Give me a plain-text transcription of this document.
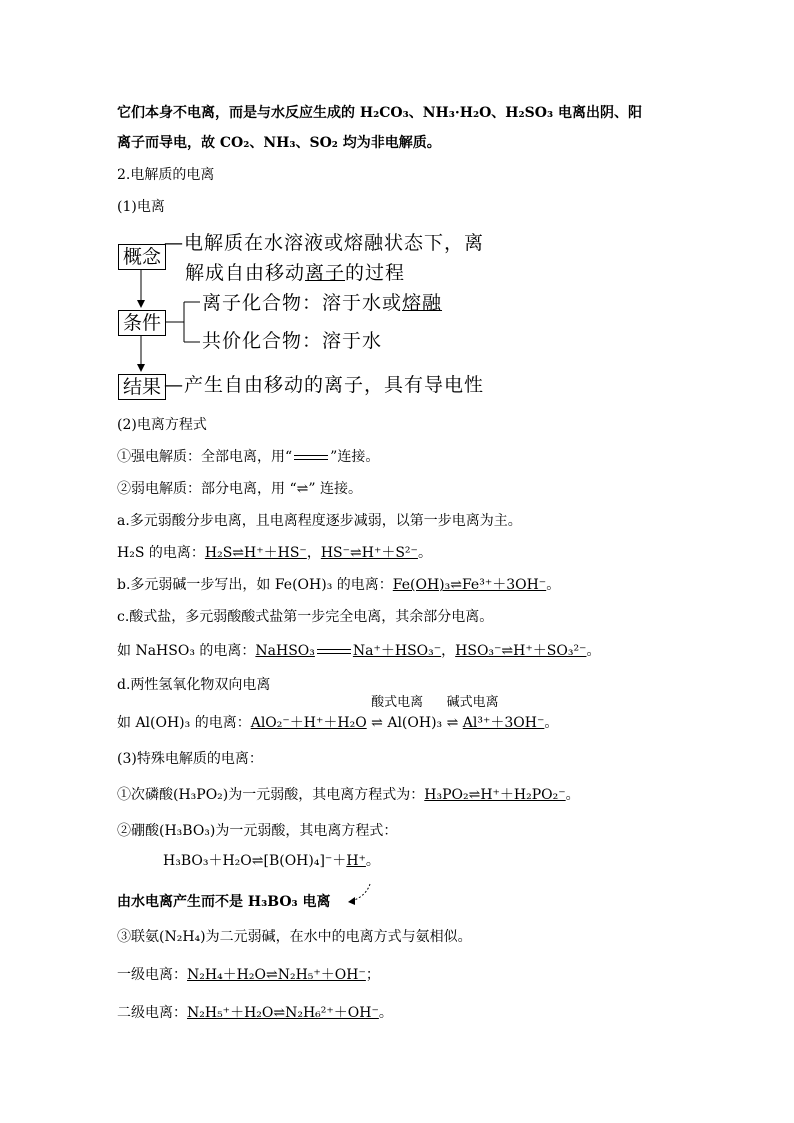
它们本身不电离，而是与水反应生成的 H₂CO₃、NH₃·H₂O、H₂SO₃ 电离出阴、阳
离子而导电，故 CO₂、NH₃、SO₂ 均为非电解质。
2.电解质的电离
(1)电离
概念
—电解质在水溶液或熔融状态下，离
解成自由移动离子的过程
条件
离子化合物：溶于水或熔融
共价化合物：溶于水
结果 —产生自由移动的离子，具有导电性
(2)电离方程式
①强电解质：全部电离，用“	”连接。
②弱电解质：部分电离，用 “⇌” 连接。
a.多元弱酸分步电离，且电离程度逐步减弱，以第一步电离为主。
H₂S 的电离：H₂S⇌H⁺＋HS⁻，HS⁻⇌H⁺＋S²⁻。
b.多元弱碱一步写出，如 Fe(OH)₃ 的电离：Fe(OH)₃⇌Fe³⁺＋3OH⁻。
c.酸式盐，多元弱酸酸式盐第一步完全电离，其余部分电离。
如 NaHSO₃ 的电离：NaHSO₃	Na⁺＋HSO₃⁻，HSO₃⁻⇌H⁺＋SO₃²⁻。
d.两性氢氧化物双向电离
如 Al(OH)₃ 的电离：AlO₂⁻＋H⁺＋H₂O
酸式电离
⇌ Al(OH)₃
碱式电离
⇌ Al³⁺＋3OH⁻。
(3)特殊电解质的电离：
①次磷酸(H₃PO₂)为一元弱酸，其电离方程式为：H₃PO₂⇌H⁺＋H₂PO₂⁻。
②硼酸(H₃BO₃)为一元弱酸，其电离方程式：
H₃BO₃＋H₂O⇌[B(OH)₄]⁻＋H⁺。
由水电离产生而不是 H₃BO₃ 电离
③联氨(N₂H₄)为二元弱碱，在水中的电离方式与氨相似。
一级电离：N₂H₄＋H₂O⇌N₂H₅⁺＋OH⁻；
二级电离：N₂H₅⁺＋H₂O⇌N₂H₆²⁺＋OH⁻。
